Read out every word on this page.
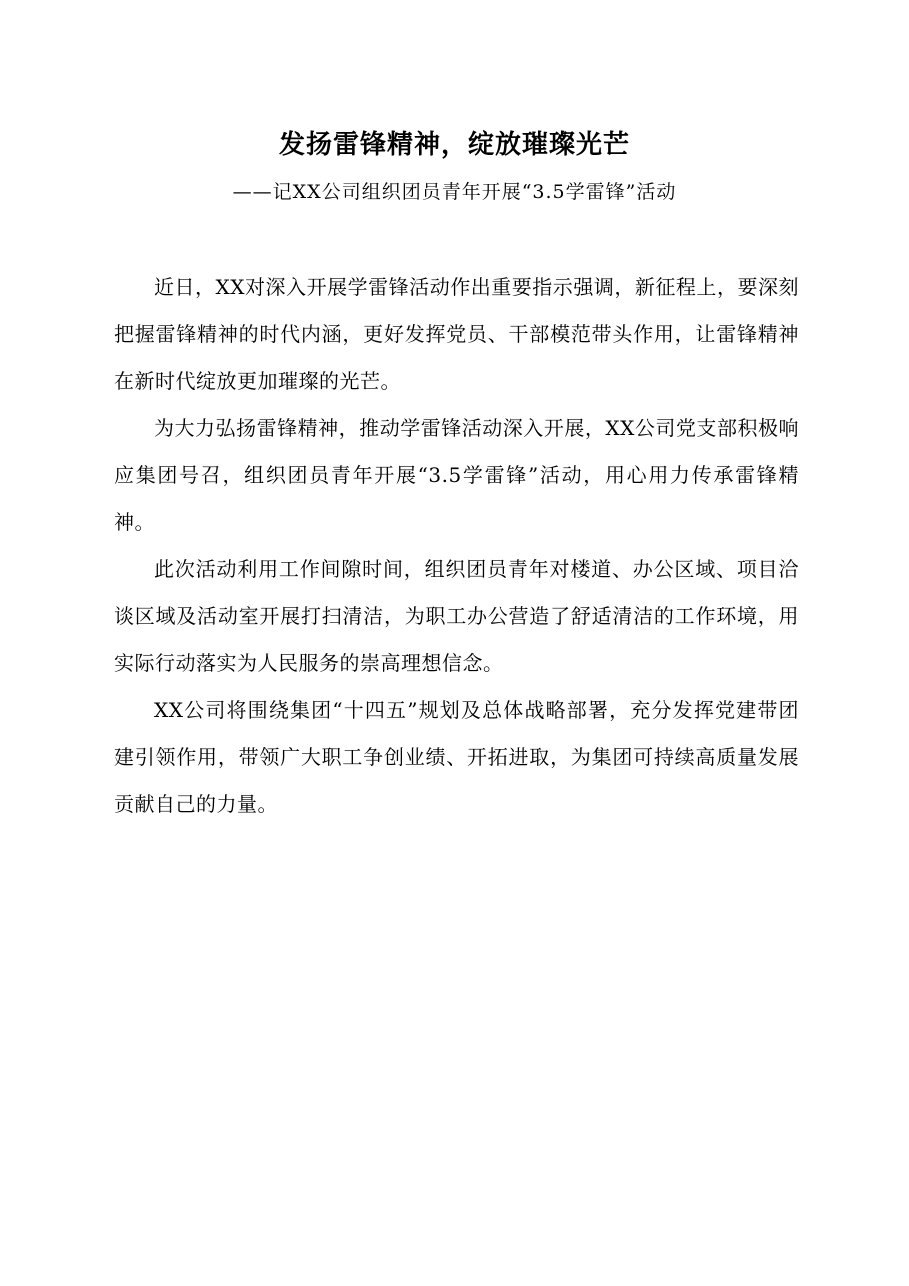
发扬雷锋精神，绽放璀璨光芒
——记XX公司组织团员青年开展“3.5学雷锋”活动

近日，XX对深入开展学雷锋活动作出重要指示强调，新征程上，要深刻把握雷锋精神的时代内涵，更好发挥党员、干部模范带头作用，让雷锋精神在新时代绽放更加璀璨的光芒。

为大力弘扬雷锋精神，推动学雷锋活动深入开展，XX公司党支部积极响应集团号召，组织团员青年开展“3.5学雷锋”活动，用心用力传承雷锋精神。

此次活动利用工作间隙时间，组织团员青年对楼道、办公区域、项目洽谈区域及活动室开展打扫清洁，为职工办公营造了舒适清洁的工作环境，用实际行动落实为人民服务的崇高理想信念。

XX公司将围绕集团“十四五”规划及总体战略部署，充分发挥党建带团建引领作用，带领广大职工争创业绩、开拓进取，为集团可持续高质量发展贡献自己的力量。
